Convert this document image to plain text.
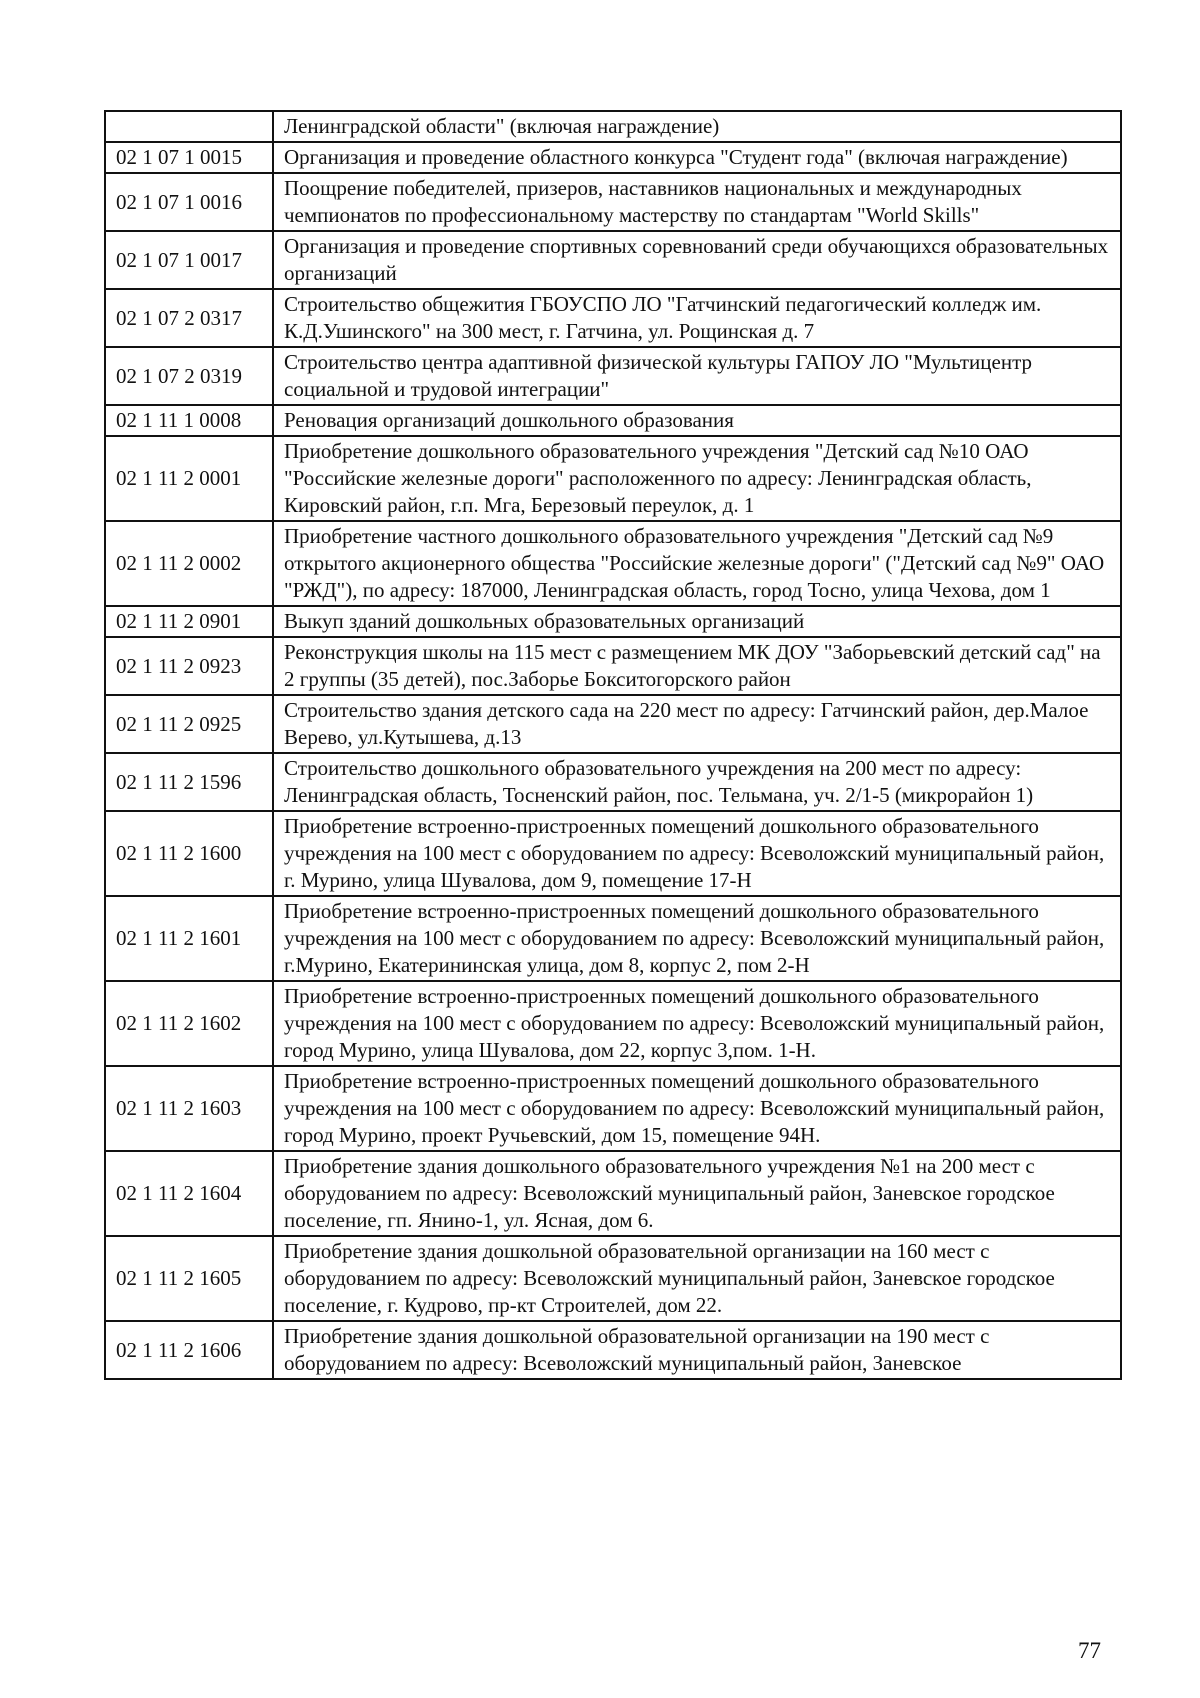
	Ленинградской области" (включая награждение)
02 1 07 1 0015	Организация и проведение областного конкурса "Студент года" (включая награждение)
02 1 07 1 0016	Поощрение победителей, призеров, наставников национальных и международных чемпионатов по профессиональному мастерству по стандартам "World Skills"
02 1 07 1 0017	Организация и проведение спортивных соревнований среди обучающихся образовательных организаций
02 1 07 2 0317	Строительство общежития ГБОУСПО ЛО "Гатчинский педагогический колледж им. К.Д.Ушинского" на 300 мест, г. Гатчина, ул. Рощинская д. 7
02 1 07 2 0319	Строительство центра адаптивной физической культуры ГАПОУ ЛО "Мультицентр социальной и трудовой интеграции"
02 1 11 1 0008	Реновация организаций дошкольного образования
02 1 11 2 0001	Приобретение дошкольного образовательного учреждения "Детский сад №10 ОАО "Российские железные дороги" расположенного по адресу: Ленинградская область, Кировский район, г.п. Мга, Березовый переулок, д. 1
02 1 11 2 0002	Приобретение частного дошкольного образовательного учреждения "Детский сад №9 открытого акционерного общества "Российские железные дороги" ("Детский сад №9" ОАО "РЖД"), по адресу: 187000, Ленинградская область, город Тосно, улица Чехова, дом 1
02 1 11 2 0901	Выкуп зданий дошкольных образовательных организаций
02 1 11 2 0923	Реконструкция школы на 115 мест с размещением МК ДОУ "Заборьевский детский сад" на 2 группы (35 детей), пос.Заборье Бокситогорского район
02 1 11 2 0925	Строительство здания детского сада на 220 мест по адресу: Гатчинский район, дер.Малое Верево, ул.Кутышева, д.13
02 1 11 2 1596	Строительство дошкольного образовательного учреждения на 200 мест по адресу: Ленинградская область, Тосненский район, пос. Тельмана, уч. 2/1-5 (микрорайон 1)
02 1 11 2 1600	Приобретение встроенно-пристроенных помещений дошкольного образовательного учреждения на 100 мест с оборудованием по адресу: Всеволожский муниципальный район, г. Мурино, улица Шувалова, дом 9, помещение 17-Н
02 1 11 2 1601	Приобретение встроенно-пристроенных помещений дошкольного образовательного учреждения на 100 мест с оборудованием по адресу: Всеволожский муниципальный район, г.Мурино, Екатерининская улица, дом 8, корпус 2, пом 2-Н
02 1 11 2 1602	Приобретение встроенно-пристроенных помещений дошкольного образовательного учреждения на 100 мест с оборудованием по адресу: Всеволожский муниципальный район, город Мурино, улица Шувалова, дом 22, корпус 3,пом. 1-Н.
02 1 11 2 1603	Приобретение встроенно-пристроенных помещений дошкольного образовательного учреждения на 100 мест с оборудованием по адресу: Всеволожский муниципальный район, город Мурино, проект Ручьевский, дом 15, помещение 94Н.
02 1 11 2 1604	Приобретение здания дошкольного образовательного учреждения №1 на 200 мест с оборудованием по адресу: Всеволожский муниципальный район, Заневское городское поселение, гп. Янино-1, ул. Ясная, дом 6.
02 1 11 2 1605	Приобретение здания дошкольной образовательной организации на 160 мест с оборудованием по адресу: Всеволожский муниципальный район, Заневское городское поселение, г. Кудрово, пр-кт Строителей, дом 22.
02 1 11 2 1606	Приобретение здания дошкольной образовательной организации на 190 мест с оборудованием по адресу: Всеволожский муниципальный район, Заневское
77
